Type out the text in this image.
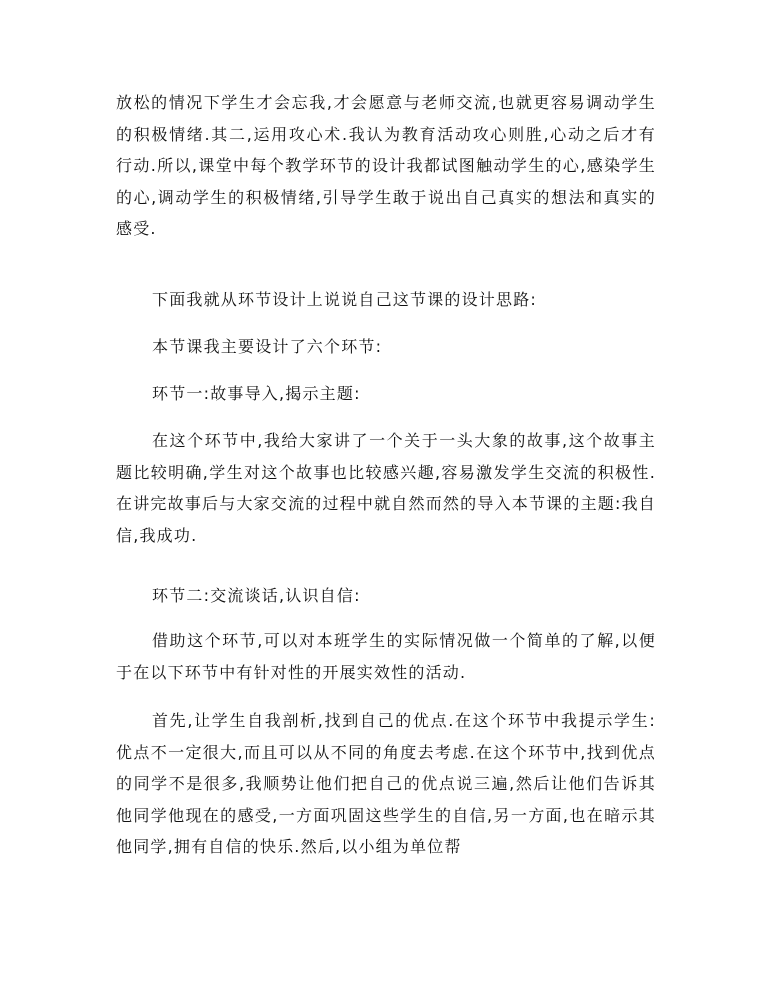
放松的情况下学生才会忘我,才会愿意与老师交流,也就更容易调动学生的积极情绪.其二,运用攻心术.我认为教育活动攻心则胜,心动之后才有行动.所以,课堂中每个教学环节的设计我都试图触动学生的心,感染学生的心,调动学生的积极情绪,引导学生敢于说出自己真实的想法和真实的感受.

下面我就从环节设计上说说自己这节课的设计思路:

本节课我主要设计了六个环节:

环节一:故事导入,揭示主题:

在这个环节中,我给大家讲了一个关于一头大象的故事,这个故事主题比较明确,学生对这个故事也比较感兴趣,容易激发学生交流的积极性.在讲完故事后与大家交流的过程中就自然而然的导入本节课的主题:我自信,我成功.

环节二:交流谈话,认识自信:

借助这个环节,可以对本班学生的实际情况做一个简单的了解,以便于在以下环节中有针对性的开展实效性的活动.

首先,让学生自我剖析,找到自己的优点.在这个环节中我提示学生:优点不一定很大,而且可以从不同的角度去考虑.在这个环节中,找到优点的同学不是很多,我顺势让他们把自己的优点说三遍,然后让他们告诉其他同学他现在的感受,一方面巩固这些学生的自信,另一方面,也在暗示其他同学,拥有自信的快乐.然后,以小组为单位帮
